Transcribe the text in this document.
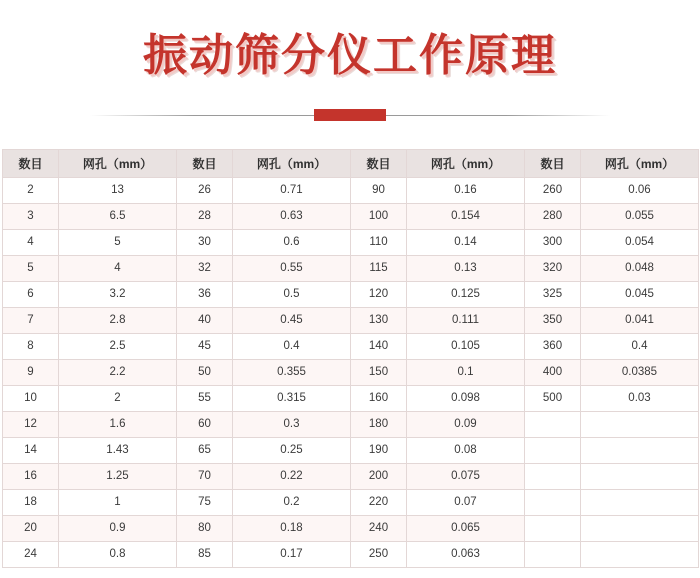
振动筛分仪工作原理
数目	网孔（mm）	数目	网孔（mm）	数目	网孔（mm）	数目	网孔（mm）
2	13	26	0.71	90	0.16	260	0.06
3	6.5	28	0.63	100	0.154	280	0.055
4	5	30	0.6	110	0.14	300	0.054
5	4	32	0.55	115	0.13	320	0.048
6	3.2	36	0.5	120	0.125	325	0.045
7	2.8	40	0.45	130	0.111	350	0.041
8	2.5	45	0.4	140	0.105	360	0.4
9	2.2	50	0.355	150	0.1	400	0.0385
10	2	55	0.315	160	0.098	500	0.03
12	1.6	60	0.3	180	0.09		
14	1.43	65	0.25	190	0.08		
16	1.25	70	0.22	200	0.075		
18	1	75	0.2	220	0.07		
20	0.9	80	0.18	240	0.065		
24	0.8	85	0.17	250	0.063		
